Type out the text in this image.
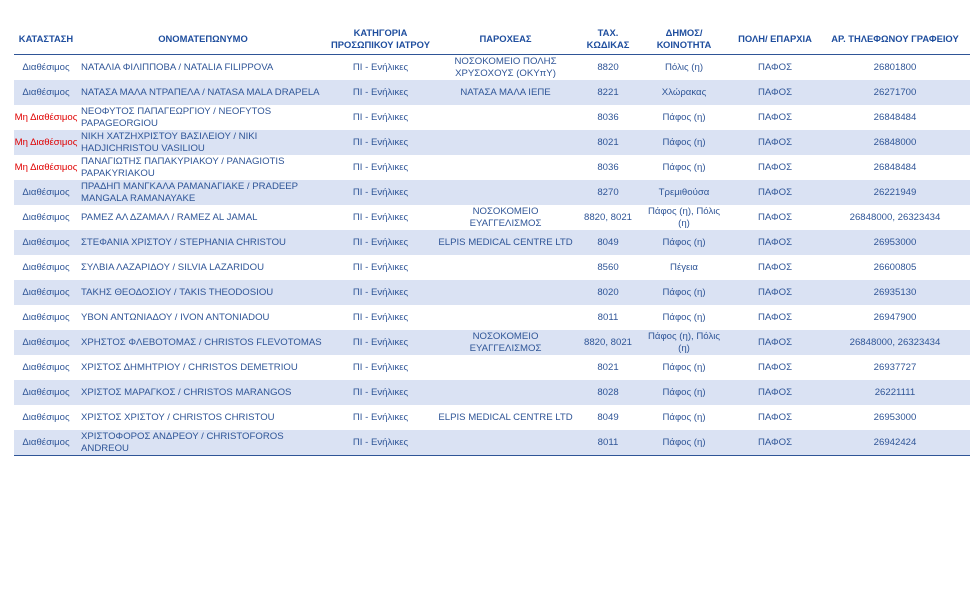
ΚΑΤΑΣΤΑΣΗ	ΟΝΟΜΑΤΕΠΩΝΥΜΟ	ΚΑΤΗΓΟΡΙΑ ΠΡΟΣΩΠΙΚΟΥ ΙΑΤΡΟΥ	ΠΑΡΟΧΕΑΣ	ΤΑΧ. ΚΩΔΙΚΑΣ	ΔΗΜΟΣ/ ΚΟΙΝΟΤΗΤΑ	ΠΟΛΗ/ ΕΠΑΡΧΙΑ	ΑΡ. ΤΗΛΕΦΩΝΟΥ ΓΡΑΦΕΙΟΥ
Διαθέσιμος	ΝΑΤΑΛΙΑ ΦΙΛΙΠΠΟΒΑ / NATALIA FILIPPOVA	ΠΙ - Ενήλικες	ΝΟΣΟΚΟΜΕΙΟ ΠΟΛΗΣ ΧΡΥΣΟΧΟΥΣ (ΟΚΥπΥ)	8820	Πόλις (η)	ΠΑΦΟΣ	26801800
Διαθέσιμος	ΝΑΤΑΣΑ ΜΑΛΑ ΝΤΡΑΠΕΛΑ / NATASA MALA DRAPELA	ΠΙ - Ενήλικες	ΝΑΤΑΣΑ ΜΑΛΑ ΙΕΠΕ	8221	Χλώρακας	ΠΑΦΟΣ	26271700
Μη Διαθέσιμος	ΝΕΟΦΥΤΟΣ ΠΑΠΑΓΕΩΡΓΙΟΥ / NEOFYTOS PAPAGEORGIOU	ΠΙ - Ενήλικες		8036	Πάφος (η)	ΠΑΦΟΣ	26848484
Μη Διαθέσιμος	ΝΙΚΗ ΧΑΤΖΗΧΡΙΣΤΟΥ ΒΑΣΙΛΕΙΟΥ / NIKI HADJICHRISTOU VASILIOU	ΠΙ - Ενήλικες		8021	Πάφος (η)	ΠΑΦΟΣ	26848000
Μη Διαθέσιμος	ΠΑΝΑΓΙΩΤΗΣ ΠΑΠΑΚΥΡΙΑΚΟΥ / PANAGIOTIS PAPAKYRIAKOU	ΠΙ - Ενήλικες		8036	Πάφος (η)	ΠΑΦΟΣ	26848484
Διαθέσιμος	ΠΡΑΔΗΠ ΜΑΝΓΚΑΛΑ ΡΑΜΑΝΑΓΙΑΚΕ / PRADEEP MANGALA RAMANAYAKE	ΠΙ - Ενήλικες		8270	Τρεμιθούσα	ΠΑΦΟΣ	26221949
Διαθέσιμος	ΡΑΜΕΖ ΑΛ ΔΖΑΜΑΛ / RAMEZ AL JAMAL	ΠΙ - Ενήλικες	ΝΟΣΟΚΟΜΕΙΟ ΕΥΑΓΓΕΛΙΣΜΟΣ	8820, 8021	Πάφος (η), Πόλις (η)	ΠΑΦΟΣ	26848000, 26323434
Διαθέσιμος	ΣΤΕΦΑΝΙΑ ΧΡΙΣΤΟΥ / STEPHANIA CHRISTOU	ΠΙ - Ενήλικες	ELPIS MEDICAL CENTRE LTD	8049	Πάφος (η)	ΠΑΦΟΣ	26953000
Διαθέσιμος	ΣΥΛΒΙΑ ΛΑΖΑΡΙΔΟΥ / SILVIA LAZARIDOU	ΠΙ - Ενήλικες		8560	Πέγεια	ΠΑΦΟΣ	26600805
Διαθέσιμος	ΤΑΚΗΣ ΘΕΟΔΟΣΙΟΥ / TAKIS THEODOSIOU	ΠΙ - Ενήλικες		8020	Πάφος (η)	ΠΑΦΟΣ	26935130
Διαθέσιμος	ΥΒΟΝ ΑΝΤΩΝΙΑΔΟΥ / IVON ANTONIADOU	ΠΙ - Ενήλικες		8011	Πάφος (η)	ΠΑΦΟΣ	26947900
Διαθέσιμος	ΧΡΗΣΤΟΣ ΦΛΕΒΟΤΟΜΑΣ / CHRISTOS FLEVOTOMAS	ΠΙ - Ενήλικες	ΝΟΣΟΚΟΜΕΙΟ ΕΥΑΓΓΕΛΙΣΜΟΣ	8820, 8021	Πάφος (η), Πόλις (η)	ΠΑΦΟΣ	26848000, 26323434
Διαθέσιμος	ΧΡΙΣΤΟΣ ΔΗΜΗΤΡΙΟΥ / CHRISTOS DEMETRIOU	ΠΙ - Ενήλικες		8021	Πάφος (η)	ΠΑΦΟΣ	26937727
Διαθέσιμος	ΧΡΙΣΤΟΣ ΜΑΡΑΓΚΟΣ / CHRISTOS MARANGOS	ΠΙ - Ενήλικες		8028	Πάφος (η)	ΠΑΦΟΣ	26221111
Διαθέσιμος	ΧΡΙΣΤΟΣ ΧΡΙΣΤΟΥ / CHRISTOS CHRISTOU	ΠΙ - Ενήλικες	ELPIS MEDICAL CENTRE LTD	8049	Πάφος (η)	ΠΑΦΟΣ	26953000
Διαθέσιμος	ΧΡΙΣΤΟΦΟΡΟΣ ΑΝΔΡΕΟΥ / CHRISTOFOROS ANDREOU	ΠΙ - Ενήλικες		8011	Πάφος (η)	ΠΑΦΟΣ	26942424
